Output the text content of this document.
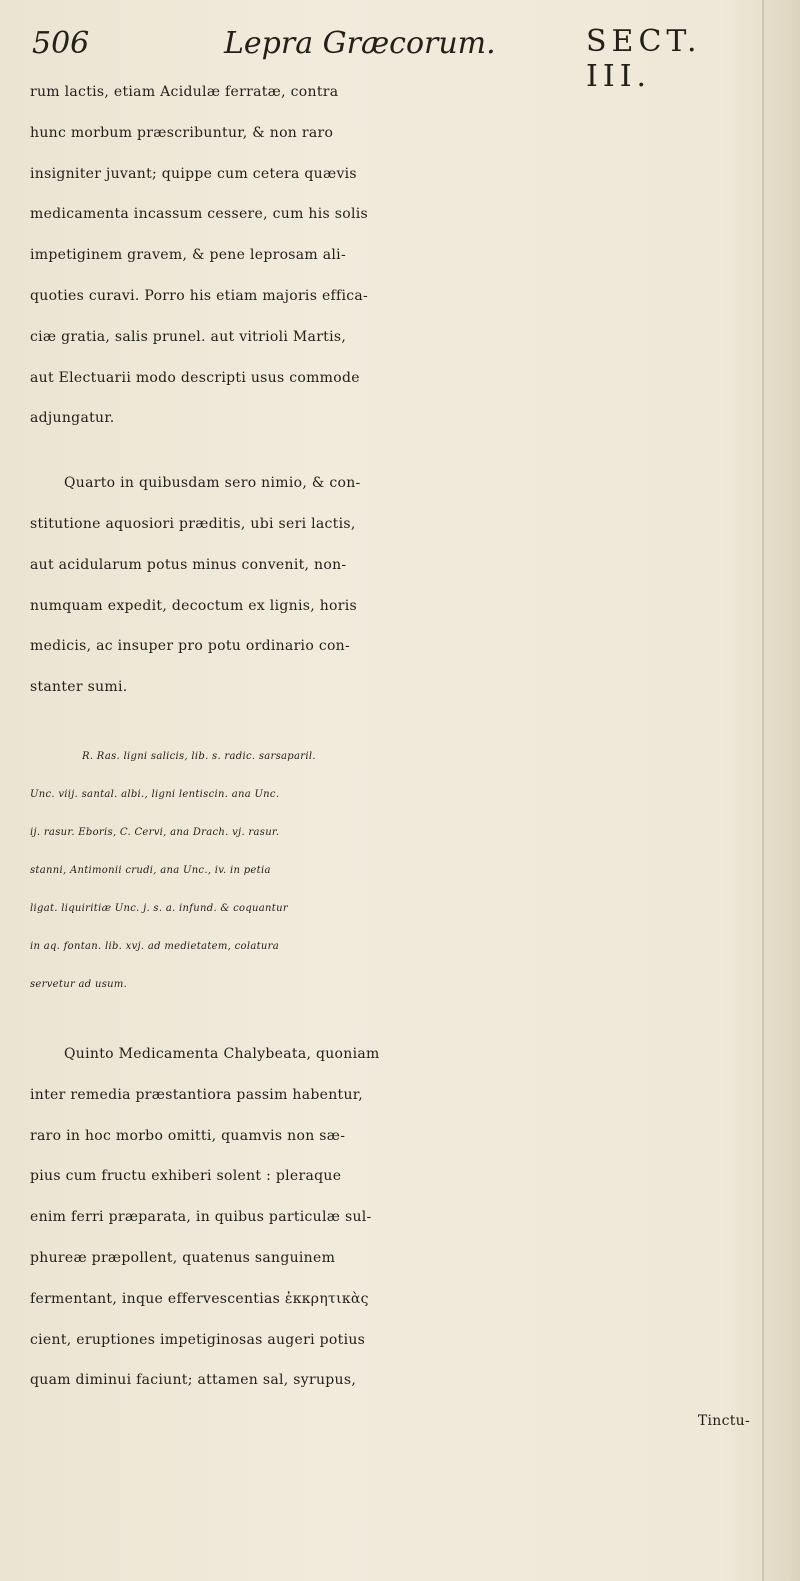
506	Lepra Græcorum.	SECT. III.
rum lactis, etiam Acidulæ ferratæ, contra
hunc morbum præscribuntur, & non raro
insigniter juvant; quippe cum cetera quævis
medicamenta incassum cessere, cum his solis
impetiginem gravem, & pene leprosam ali-
quoties curavi. Porro his etiam majoris effica-
ciæ gratia, salis prunel. aut vitrioli Martis,
aut Electuarii modo descripti usus commode
adjungatur.
Quarto in quibusdam sero nimio, & con-
stitutione aquosiori præditis, ubi seri lactis,
aut acidularum potus minus convenit, non-
numquam expedit, decoctum ex lignis, horis
medicis, ac insuper pro potu ordinario con-
stanter sumi.
R. Ras. ligni salicis, lib. s. radic. sarsaparil.
Unc. viij. santal. albi., ligni lentiscin. ana Unc.
ij. rasur. Eboris, C. Cervi, ana Drach. vj. rasur.
stanni, Antimonii crudi, ana Unc., iv. in petia
ligat. liquiritiæ Unc. j. s. a. infund. & coquantur
in aq. fontan. lib. xvj. ad medietatem, colatura
servetur ad usum.
Quinto Medicamenta Chalybeata, quoniam
inter remedia præstantiora passim habentur,
raro in hoc morbo omitti, quamvis non sæ-
pius cum fructu exhiberi solent : pleraque
enim ferri præparata, in quibus particulæ sul-
phureæ præpollent, quatenus sanguinem
fermentant, inque effervescentias ἐκκρητικὰς
cient, eruptiones impetiginosas augeri potius
quam diminui faciunt; attamen sal, syrupus,
Tinctu-
